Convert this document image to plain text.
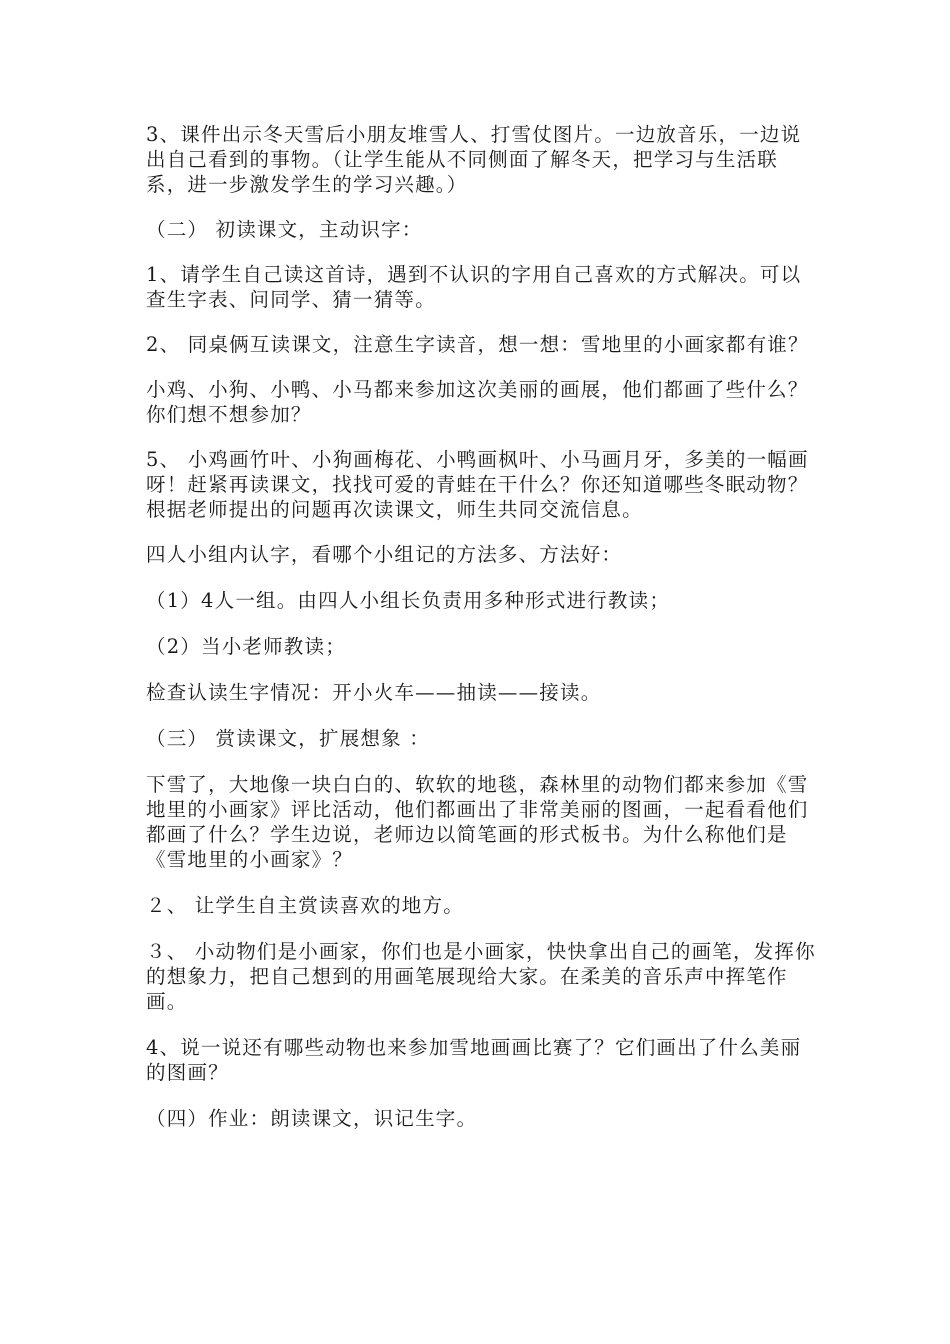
3、课件出示冬天雪后小朋友堆雪人、打雪仗图片。一边放音乐，一边说出自己看到的事物。（让学生能从不同侧面了解冬天，把学习与生活联系，进一步激发学生的学习兴趣。）

（二） 初读课文，主动识字：

1、请学生自己读这首诗，遇到不认识的字用自己喜欢的方式解决。可以查生字表、问同学、猜一猜等。

2、 同桌俩互读课文，注意生字读音，想一想：雪地里的小画家都有谁？

小鸡、小狗、小鸭、小马都来参加这次美丽的画展，他们都画了些什么？你们想不想参加？

5、 小鸡画竹叶、小狗画梅花、小鸭画枫叶、小马画月牙，多美的一幅画呀！赶紧再读课文，找找可爱的青蛙在干什么？你还知道哪些冬眠动物？根据老师提出的问题再次读课文，师生共同交流信息。

四人小组内认字，看哪个小组记的方法多、方法好：

（1）4人一组。由四人小组长负责用多种形式进行教读；

（2）当小老师教读；

检查认读生字情况：开小火车——抽读——接读。

（三） 赏读课文，扩展想象 ：

下雪了，大地像一块白白的、软软的地毯，森林里的动物们都来参加《雪地里的小画家》评比活动，他们都画出了非常美丽的图画，一起看看他们都画了什么？学生边说，老师边以简笔画的形式板书。为什么称他们是《雪地里的小画家》？

２、 让学生自主赏读喜欢的地方。

３、 小动物们是小画家，你们也是小画家，快快拿出自己的画笔，发挥你的想象力，把自己想到的用画笔展现给大家。在柔美的音乐声中挥笔作画。

4、说一说还有哪些动物也来参加雪地画画比赛了？它们画出了什么美丽的图画？

（四）作业：朗读课文，识记生字。
